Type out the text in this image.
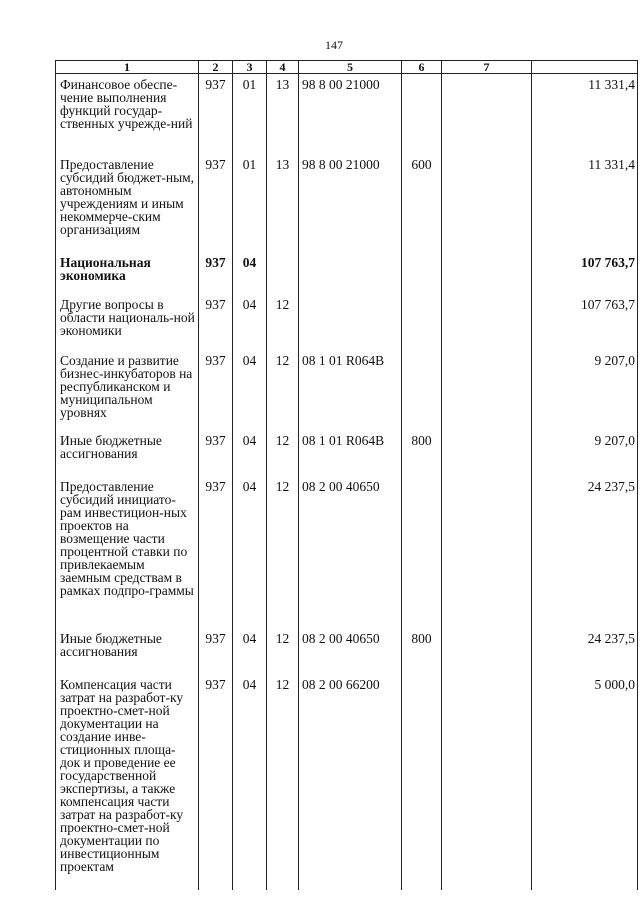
147
1	2	3	4	5	6	7	
Финансовое обеспе-чение выполнения функций государ-ственных учрежде-ний	937	01	13	98 8 00 21000			11 331,4
Предоставление субсидий бюджет-ным, автономным учреждениям и иным некоммерче-ским организациям	937	01	13	98 8 00 21000	600		11 331,4
Национальная экономика	937	04					107 763,7
Другие вопросы в области националь-ной экономики	937	04	12				107 763,7
Создание и развитие бизнес-инкубаторов на республиканском и муниципальном уровнях	937	04	12	08 1 01 R064B			9 207,0
Иные бюджетные ассигнования	937	04	12	08 1 01 R064B	800		9 207,0
Предоставление субсидий инициато-рам инвестицион-ных проектов на возмещение части процентной ставки по привлекаемым заемным средствам в рамках подпро-граммы	937	04	12	08 2 00 40650			24 237,5
Иные бюджетные ассигнования	937	04	12	08 2 00 40650	800		24 237,5
Компенсация части затрат на разработ-ку проектно-смет-ной документации на создание инве-стиционных площа-док и проведение ее государственной экспертизы, а также компенсация части затрат на разработ-ку проектно-смет-ной документации по инвестиционным проектам	937	04	12	08 2 00 66200			5 000,0
